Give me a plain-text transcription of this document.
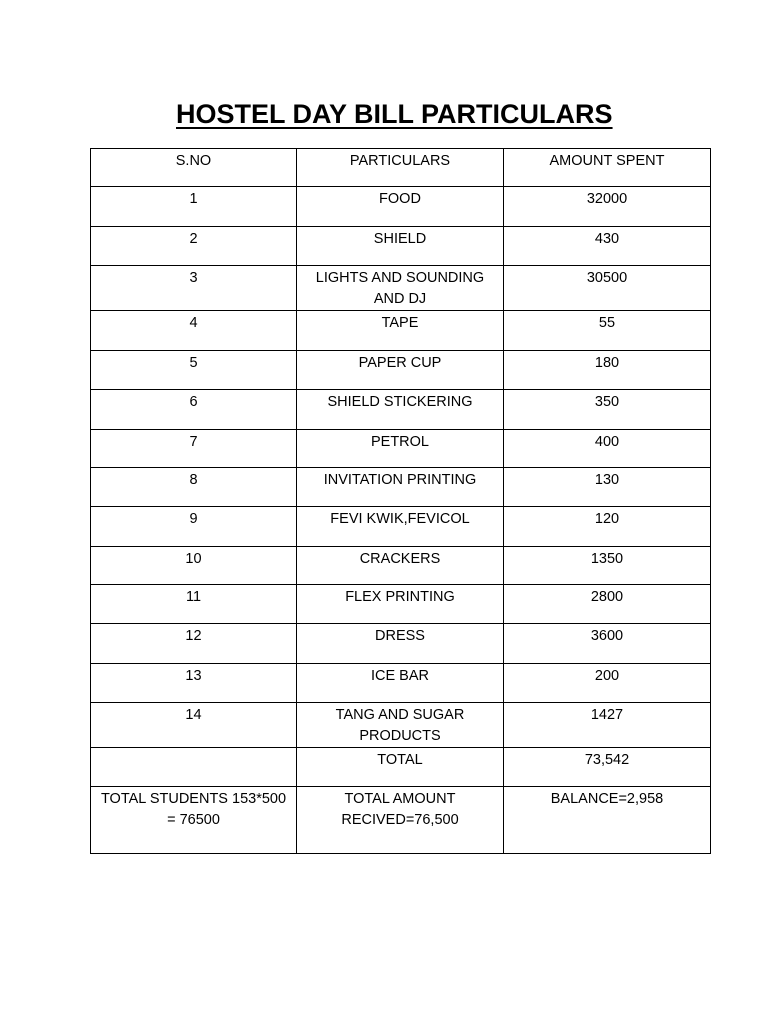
HOSTEL DAY BILL PARTICULARS
S.NO	PARTICULARS	AMOUNT SPENT
1	FOOD	32000
2	SHIELD	430
3	LIGHTS AND SOUNDING AND DJ	30500
4	TAPE	55
5	PAPER CUP	180
6	SHIELD STICKERING	350
7	PETROL	400
8	INVITATION PRINTING	130
9	FEVI KWIK,FEVICOL	120
10	CRACKERS	1350
11	FLEX PRINTING	2800
12	DRESS	3600
13	ICE BAR	200
14	TANG AND SUGAR PRODUCTS	1427
	TOTAL	73,542
TOTAL STUDENTS 153*500 = 76500	TOTAL AMOUNT RECIVED=76,500	BALANCE=2,958
